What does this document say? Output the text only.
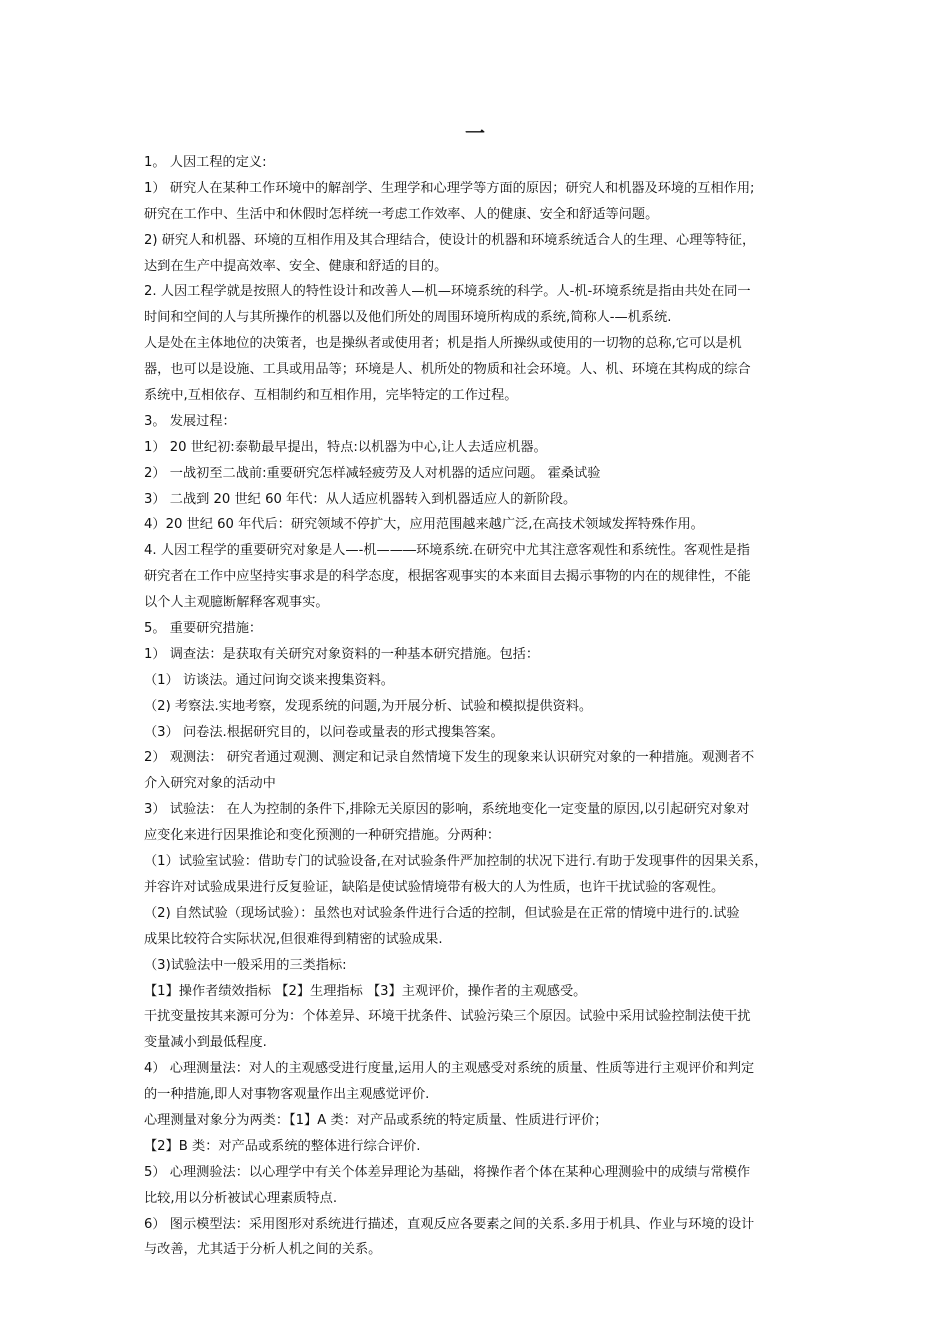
一
1。 人因工程的定义:
1） 研究人在某种工作环境中的解剖学、生理学和心理学等方面的原因；研究人和机器及环境的互相作用;
研究在工作中、生活中和休假时怎样统一考虑工作效率、人的健康、安全和舒适等问题。
2) 研究人和机器、环境的互相作用及其合理结合，使设计的机器和环境系统适合人的生理、心理等特征，
达到在生产中提高效率、安全、健康和舒适的目的。
2. 人因工程学就是按照人的特性设计和改善人—机—环境系统的科学。人-机-环境系统是指由共处在同一
时间和空间的人与其所操作的机器以及他们所处的周围环境所构成的系统,简称人-—机系统.
人是处在主体地位的决策者，也是操纵者或使用者；机是指人所操纵或使用的一切物的总称,它可以是机
器，也可以是设施、工具或用品等；环境是人、机所处的物质和社会环境。人、机、环境在其构成的综合
系统中,互相依存、互相制约和互相作用，完毕特定的工作过程。
3。 发展过程：
1） 20 世纪初:泰勒最早提出，特点:以机器为中心,让人去适应机器。
2） 一战初至二战前:重要研究怎样减轻疲劳及人对机器的适应问题。 霍桑试验
3） 二战到 20 世纪 60 年代：从人适应机器转入到机器适应人的新阶段。
4）20 世纪 60 年代后：研究领域不停扩大，应用范围越来越广泛,在高技术领域发挥特殊作用。
4. 人因工程学的重要研究对象是人—-机——―环境系统.在研究中尤其注意客观性和系统性。客观性是指
研究者在工作中应坚持实事求是的科学态度，根据客观事实的本来面目去揭示事物的内在的规律性，不能
以个人主观臆断解释客观事实。
5。 重要研究措施：
1） 调查法：是获取有关研究对象资料的一种基本研究措施。包括：
（1） 访谈法。通过问询交谈来搜集资料。
（2) 考察法.实地考察，发现系统的问题,为开展分析、试验和模拟提供资料。
（3） 问卷法.根据研究目的，以问卷或量表的形式搜集答案。
2） 观测法： 研究者通过观测、测定和记录自然情境下发生的现象来认识研究对象的一种措施。观测者不
介入研究对象的活动中
3） 试验法： 在人为控制的条件下,排除无关原因的影响，系统地变化一定变量的原因,以引起研究对象对
应变化来进行因果推论和变化预测的一种研究措施。分两种：
（1）试验室试验：借助专门的试验设备,在对试验条件严加控制的状况下进行.有助于发现事件的因果关系，
并容许对试验成果进行反复验证，缺陷是使试验情境带有极大的人为性质，也许干扰试验的客观性。
（2) 自然试验（现场试验）：虽然也对试验条件进行合适的控制，但试验是在正常的情境中进行的.试验
成果比较符合实际状况,但很难得到精密的试验成果.
（3)试验法中一般采用的三类指标:
【1】操作者绩效指标 【2】生理指标 【3】主观评价，操作者的主观感受。
干扰变量按其来源可分为：个体差异、环境干扰条件、试验污染三个原因。试验中采用试验控制法使干扰
变量减小到最低程度.
4） 心理测量法：对人的主观感受进行度量,运用人的主观感受对系统的质量、性质等进行主观评价和判定
的一种措施,即人对事物客观量作出主观感觉评价.
心理测量对象分为两类：【1】A 类：对产品或系统的特定质量、性质进行评价；
【2】B 类：对产品或系统的整体进行综合评价.
5） 心理测验法：以心理学中有关个体差异理论为基础，将操作者个体在某种心理测验中的成绩与常模作
比较,用以分析被试心理素质特点.
6） 图示模型法：采用图形对系统进行描述，直观反应各要素之间的关系.多用于机具、作业与环境的设计
与改善，尤其适于分析人机之间的关系。
